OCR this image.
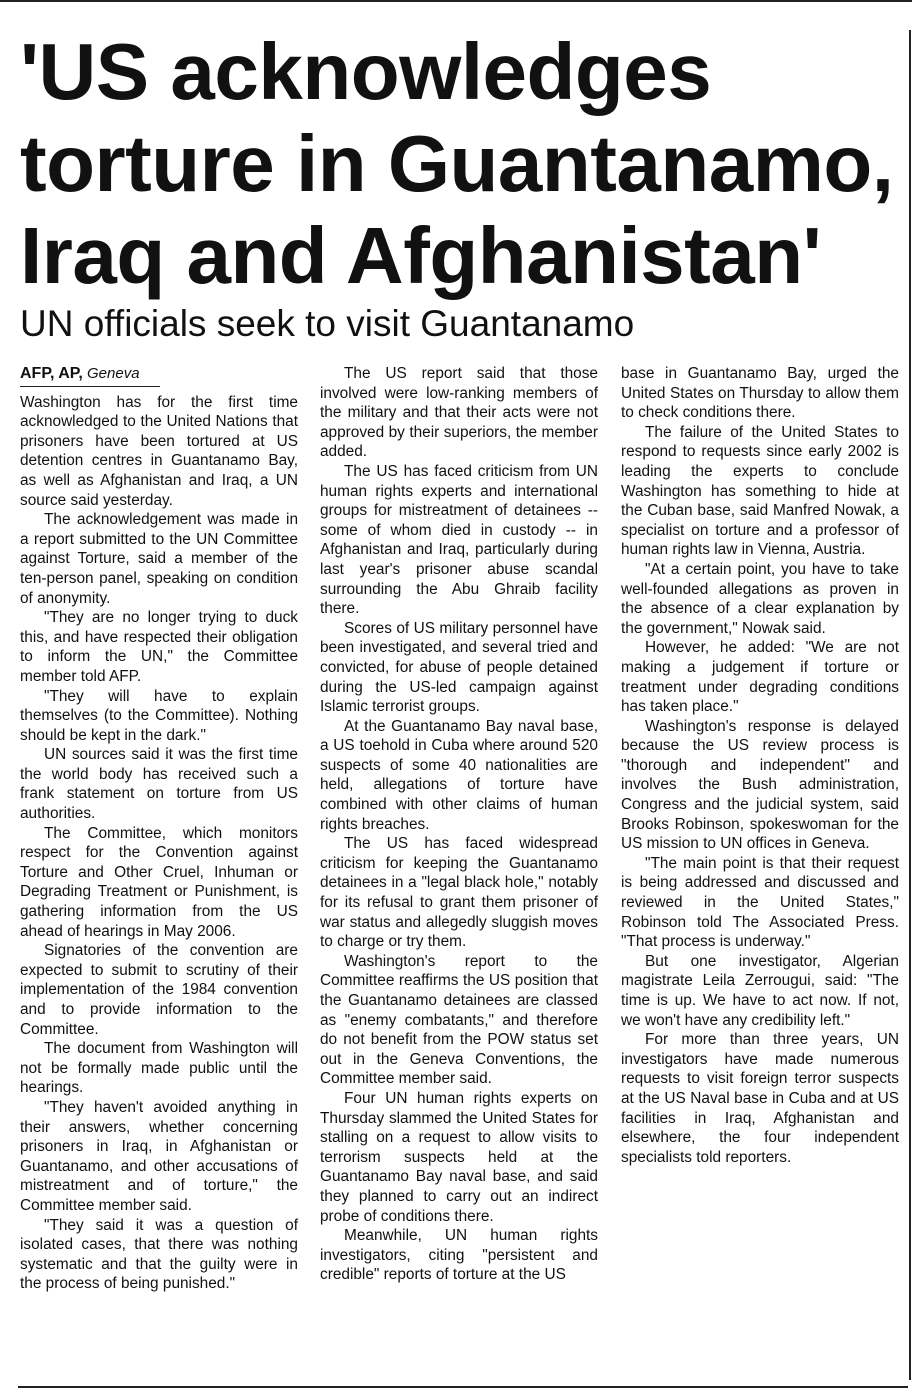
'US acknowledges torture in Guantanamo, Iraq and Afghanistan'
UN officials seek to visit Guantanamo
AFP, AP, Geneva

Washington has for the first time acknowledged to the United Nations that prisoners have been tortured at US detention centres in Guantanamo Bay, as well as Afghanistan and Iraq, a UN source said yesterday.

The acknowledgement was made in a report submitted to the UN Committee against Torture, said a member of the ten-person panel, speaking on condition of anonymity.

"They are no longer trying to duck this, and have respected their obligation to inform the UN," the Committee member told AFP.

"They will have to explain themselves (to the Committee). Nothing should be kept in the dark."

UN sources said it was the first time the world body has received such a frank statement on torture from US authorities.

The Committee, which monitors respect for the Convention against Torture and Other Cruel, Inhuman or Degrading Treatment or Punishment, is gathering information from the US ahead of hearings in May 2006.

Signatories of the convention are expected to submit to scrutiny of their implementation of the 1984 convention and to provide information to the Committee.

The document from Washington will not be formally made public until the hearings.

"They haven't avoided anything in their answers, whether concerning prisoners in Iraq, in Afghanistan or Guantanamo, and other accusations of mistreatment and of torture," the Committee member said.

"They said it was a question of isolated cases, that there was nothing systematic and that the guilty were in the process of being punished."

The US report said that those involved were low-ranking members of the military and that their acts were not approved by their superiors, the member added.

The US has faced criticism from UN human rights experts and international groups for mistreatment of detainees -- some of whom died in custody -- in Afghanistan and Iraq, particularly during last year's prisoner abuse scandal surrounding the Abu Ghraib facility there.

Scores of US military personnel have been investigated, and several tried and convicted, for abuse of people detained during the US-led campaign against Islamic terrorist groups.

At the Guantanamo Bay naval base, a US toehold in Cuba where around 520 suspects of some 40 nationalities are held, allegations of torture have combined with other claims of human rights breaches.

The US has faced widespread criticism for keeping the Guantanamo detainees in a "legal black hole," notably for its refusal to grant them prisoner of war status and allegedly sluggish moves to charge or try them.

Washington's report to the Committee reaffirms the US position that the Guantanamo detainees are classed as "enemy combatants," and therefore do not benefit from the POW status set out in the Geneva Conventions, the Committee member said.

Four UN human rights experts on Thursday slammed the United States for stalling on a request to allow visits to terrorism suspects held at the Guantanamo Bay naval base, and said they planned to carry out an indirect probe of conditions there.

Meanwhile, UN human rights investigators, citing "persistent and credible" reports of torture at the US

base in Guantanamo Bay, urged the United States on Thursday to allow them to check conditions there.

The failure of the United States to respond to requests since early 2002 is leading the experts to conclude Washington has something to hide at the Cuban base, said Manfred Nowak, a specialist on torture and a professor of human rights law in Vienna, Austria.

"At a certain point, you have to take well-founded allegations as proven in the absence of a clear explanation by the government," Nowak said.

However, he added: "We are not making a judgement if torture or treatment under degrading conditions has taken place."

Washington's response is delayed because the US review process is "thorough and independent" and involves the Bush administration, Congress and the judicial system, said Brooks Robinson, spokeswoman for the US mission to UN offices in Geneva.

"The main point is that their request is being addressed and discussed and reviewed in the United States," Robinson told The Associated Press. "That process is underway."

But one investigator, Algerian magistrate Leila Zerrougui, said: "The time is up. We have to act now. If not, we won't have any credibility left."

For more than three years, UN investigators have made numerous requests to visit foreign terror suspects at the US Naval base in Cuba and at US facilities in Iraq, Afghanistan and elsewhere, the four independent specialists told reporters.
